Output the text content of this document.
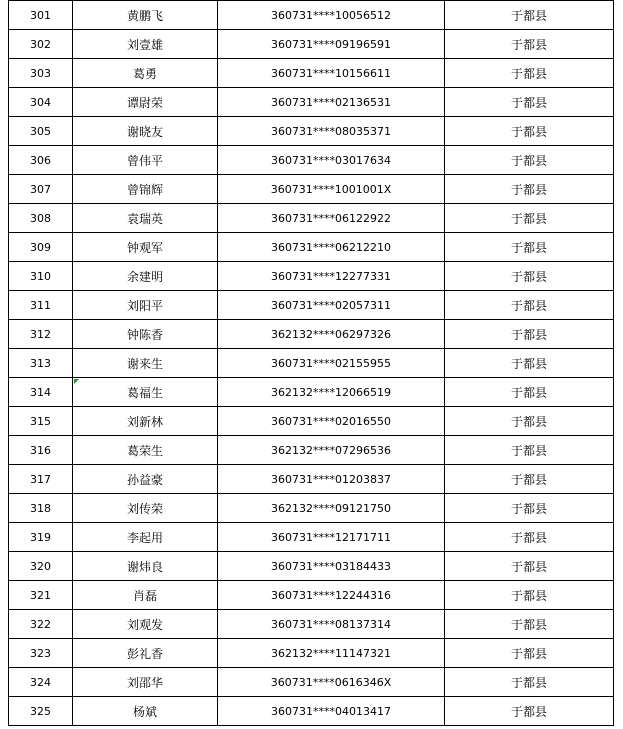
301	黄鹏飞	360731****10056512	于都县
302	刘壹雄	360731****09196591	于都县
303	葛勇	360731****10156611	于都县
304	谭尉荣	360731****02136531	于都县
305	谢晓友	360731****08035371	于都县
306	曾伟平	360731****03017634	于都县
307	曾锦辉	360731****1001001X	于都县
308	袁瑞英	360731****06122922	于都县
309	钟观军	360731****06212210	于都县
310	余建明	360731****12277331	于都县
311	刘阳平	360731****02057311	于都县
312	钟陈香	362132****06297326	于都县
313	谢来生	360731****02155955	于都县
314	葛福生	362132****12066519	于都县
315	刘新林	360731****02016550	于都县
316	葛荣生	362132****07296536	于都县
317	孙益豪	360731****01203837	于都县
318	刘传荣	362132****09121750	于都县
319	李起用	360731****12171711	于都县
320	谢炜良	360731****03184433	于都县
321	肖磊	360731****12244316	于都县
322	刘观发	360731****08137314	于都县
323	彭礼香	362132****11147321	于都县
324	刘邵华	360731****0616346X	于都县
325	杨斌	360731****04013417	于都县
